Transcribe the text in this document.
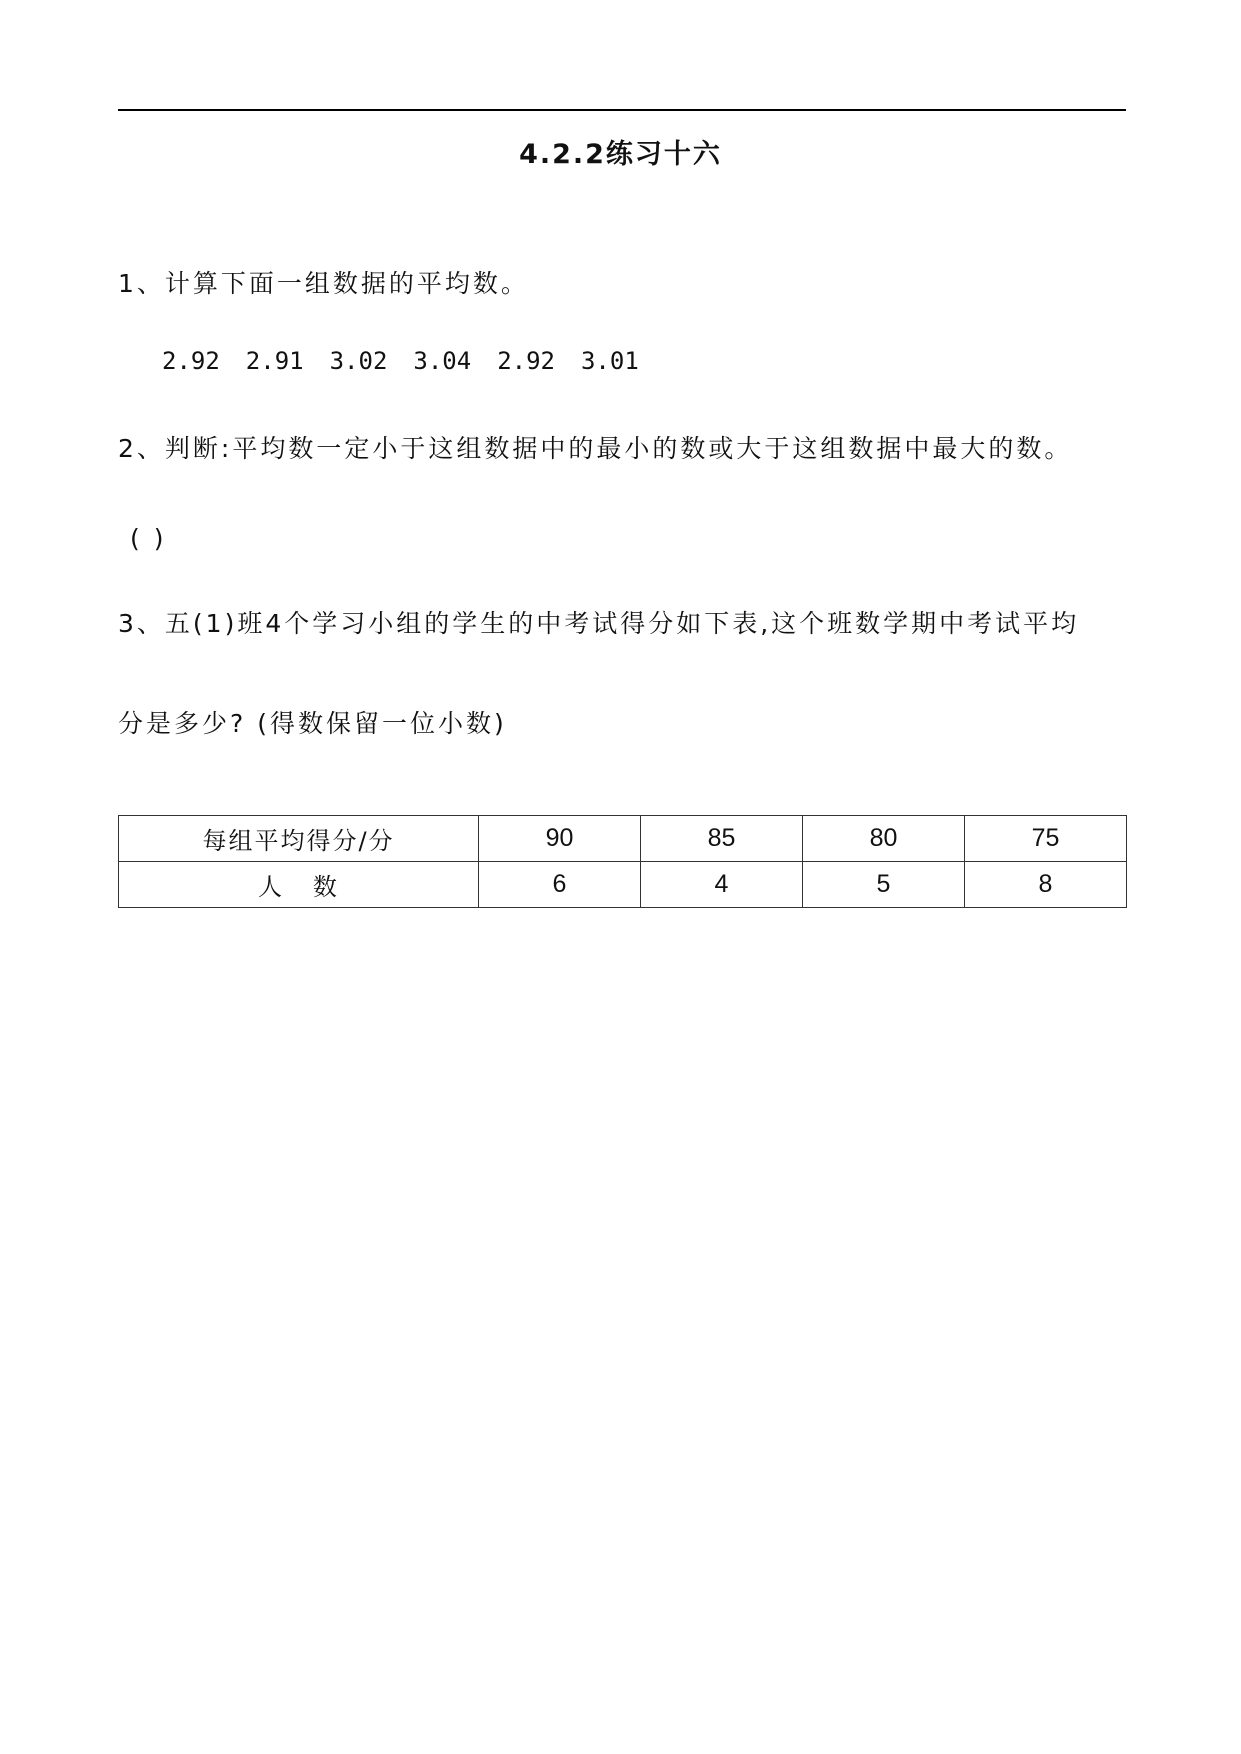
4.2.2练习十六
1、计算下面一组数据的平均数。
2.92 2.91 3.02 3.04 2.92 3.01
2、判断:平均数一定小于这组数据中的最小的数或大于这组数据中最大的数。
( )
3、五(1)班4个学习小组的学生的中考试得分如下表,这个班数学期中考试平均
分是多少? (得数保留一位小数)
每组平均得分/分	90	85	80	75
人   数	6	4	5	8
